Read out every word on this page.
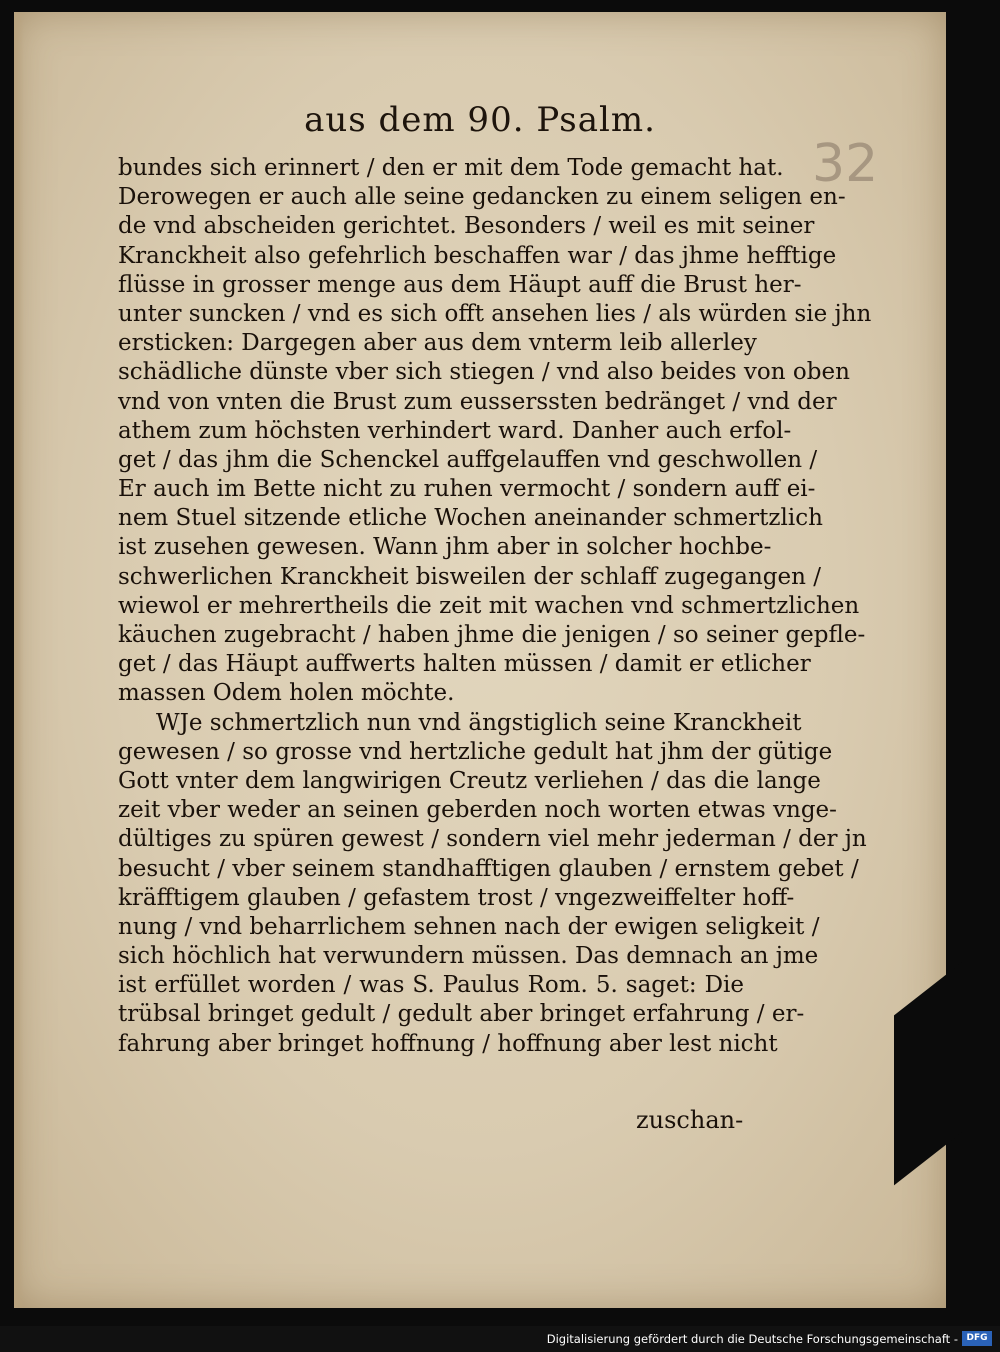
aus dem 90. Psalm.
32
bundes sich erinnert / den er mit dem Tode gemacht hat.
Derowegen er auch alle seine gedancken zu einem seligen en-
de vnd abscheiden gerichtet. Besonders / weil es mit seiner
Kranckheit also gefehrlich beschaffen war / das jhme hefftige
flüsse in grosser menge aus dem Häupt auff die Brust her-
unter suncken / vnd es sich offt ansehen lies / als würden sie jhn
ersticken: Dargegen aber aus dem vnterm leib allerley
schädliche dünste vber sich stiegen / vnd also beides von oben
vnd von vnten die Brust zum eusserssten bedränget / vnd der
athem zum höchsten verhindert ward. Danher auch erfol-
get / das jhm die Schenckel auffgelauffen vnd geschwollen /
Er auch im Bette nicht zu ruhen vermocht / sondern auff ei-
nem Stuel sitzende etliche Wochen aneinander schmertzlich
ist zusehen gewesen. Wann jhm aber in solcher hochbe-
schwerlichen Kranckheit bisweilen der schlaff zugegangen /
wiewol er mehrertheils die zeit mit wachen vnd schmertzlichen
käuchen zugebracht / haben jhme die jenigen / so seiner gepfle-
get / das Häupt auffwerts halten müssen / damit er etlicher
massen Odem holen möchte.
WJe schmertzlich nun vnd ängstiglich seine Kranckheit
gewesen / so grosse vnd hertzliche gedult hat jhm der gütige
Gott vnter dem langwirigen Creutz verliehen / das die lange
zeit vber weder an seinen geberden noch worten etwas vnge-
dültiges zu spüren gewest / sondern viel mehr jederman / der jn
besucht / vber seinem standhafftigen glauben / ernstem gebet /
kräfftigem glauben / gefastem trost / vngezweiffelter hoff-
nung / vnd beharrlichem sehnen nach der ewigen seligkeit /
sich höchlich hat verwundern müssen. Das demnach an jme
ist erfüllet worden / was S. Paulus Rom. 5. saget: Die
trübsal bringet gedult / gedult aber bringet erfahrung / er-
fahrung aber bringet hoffnung / hoffnung aber lest nicht
zuschan-
Digitalisierung gefördert durch die Deutsche Forschungsgemeinschaft - DFG
